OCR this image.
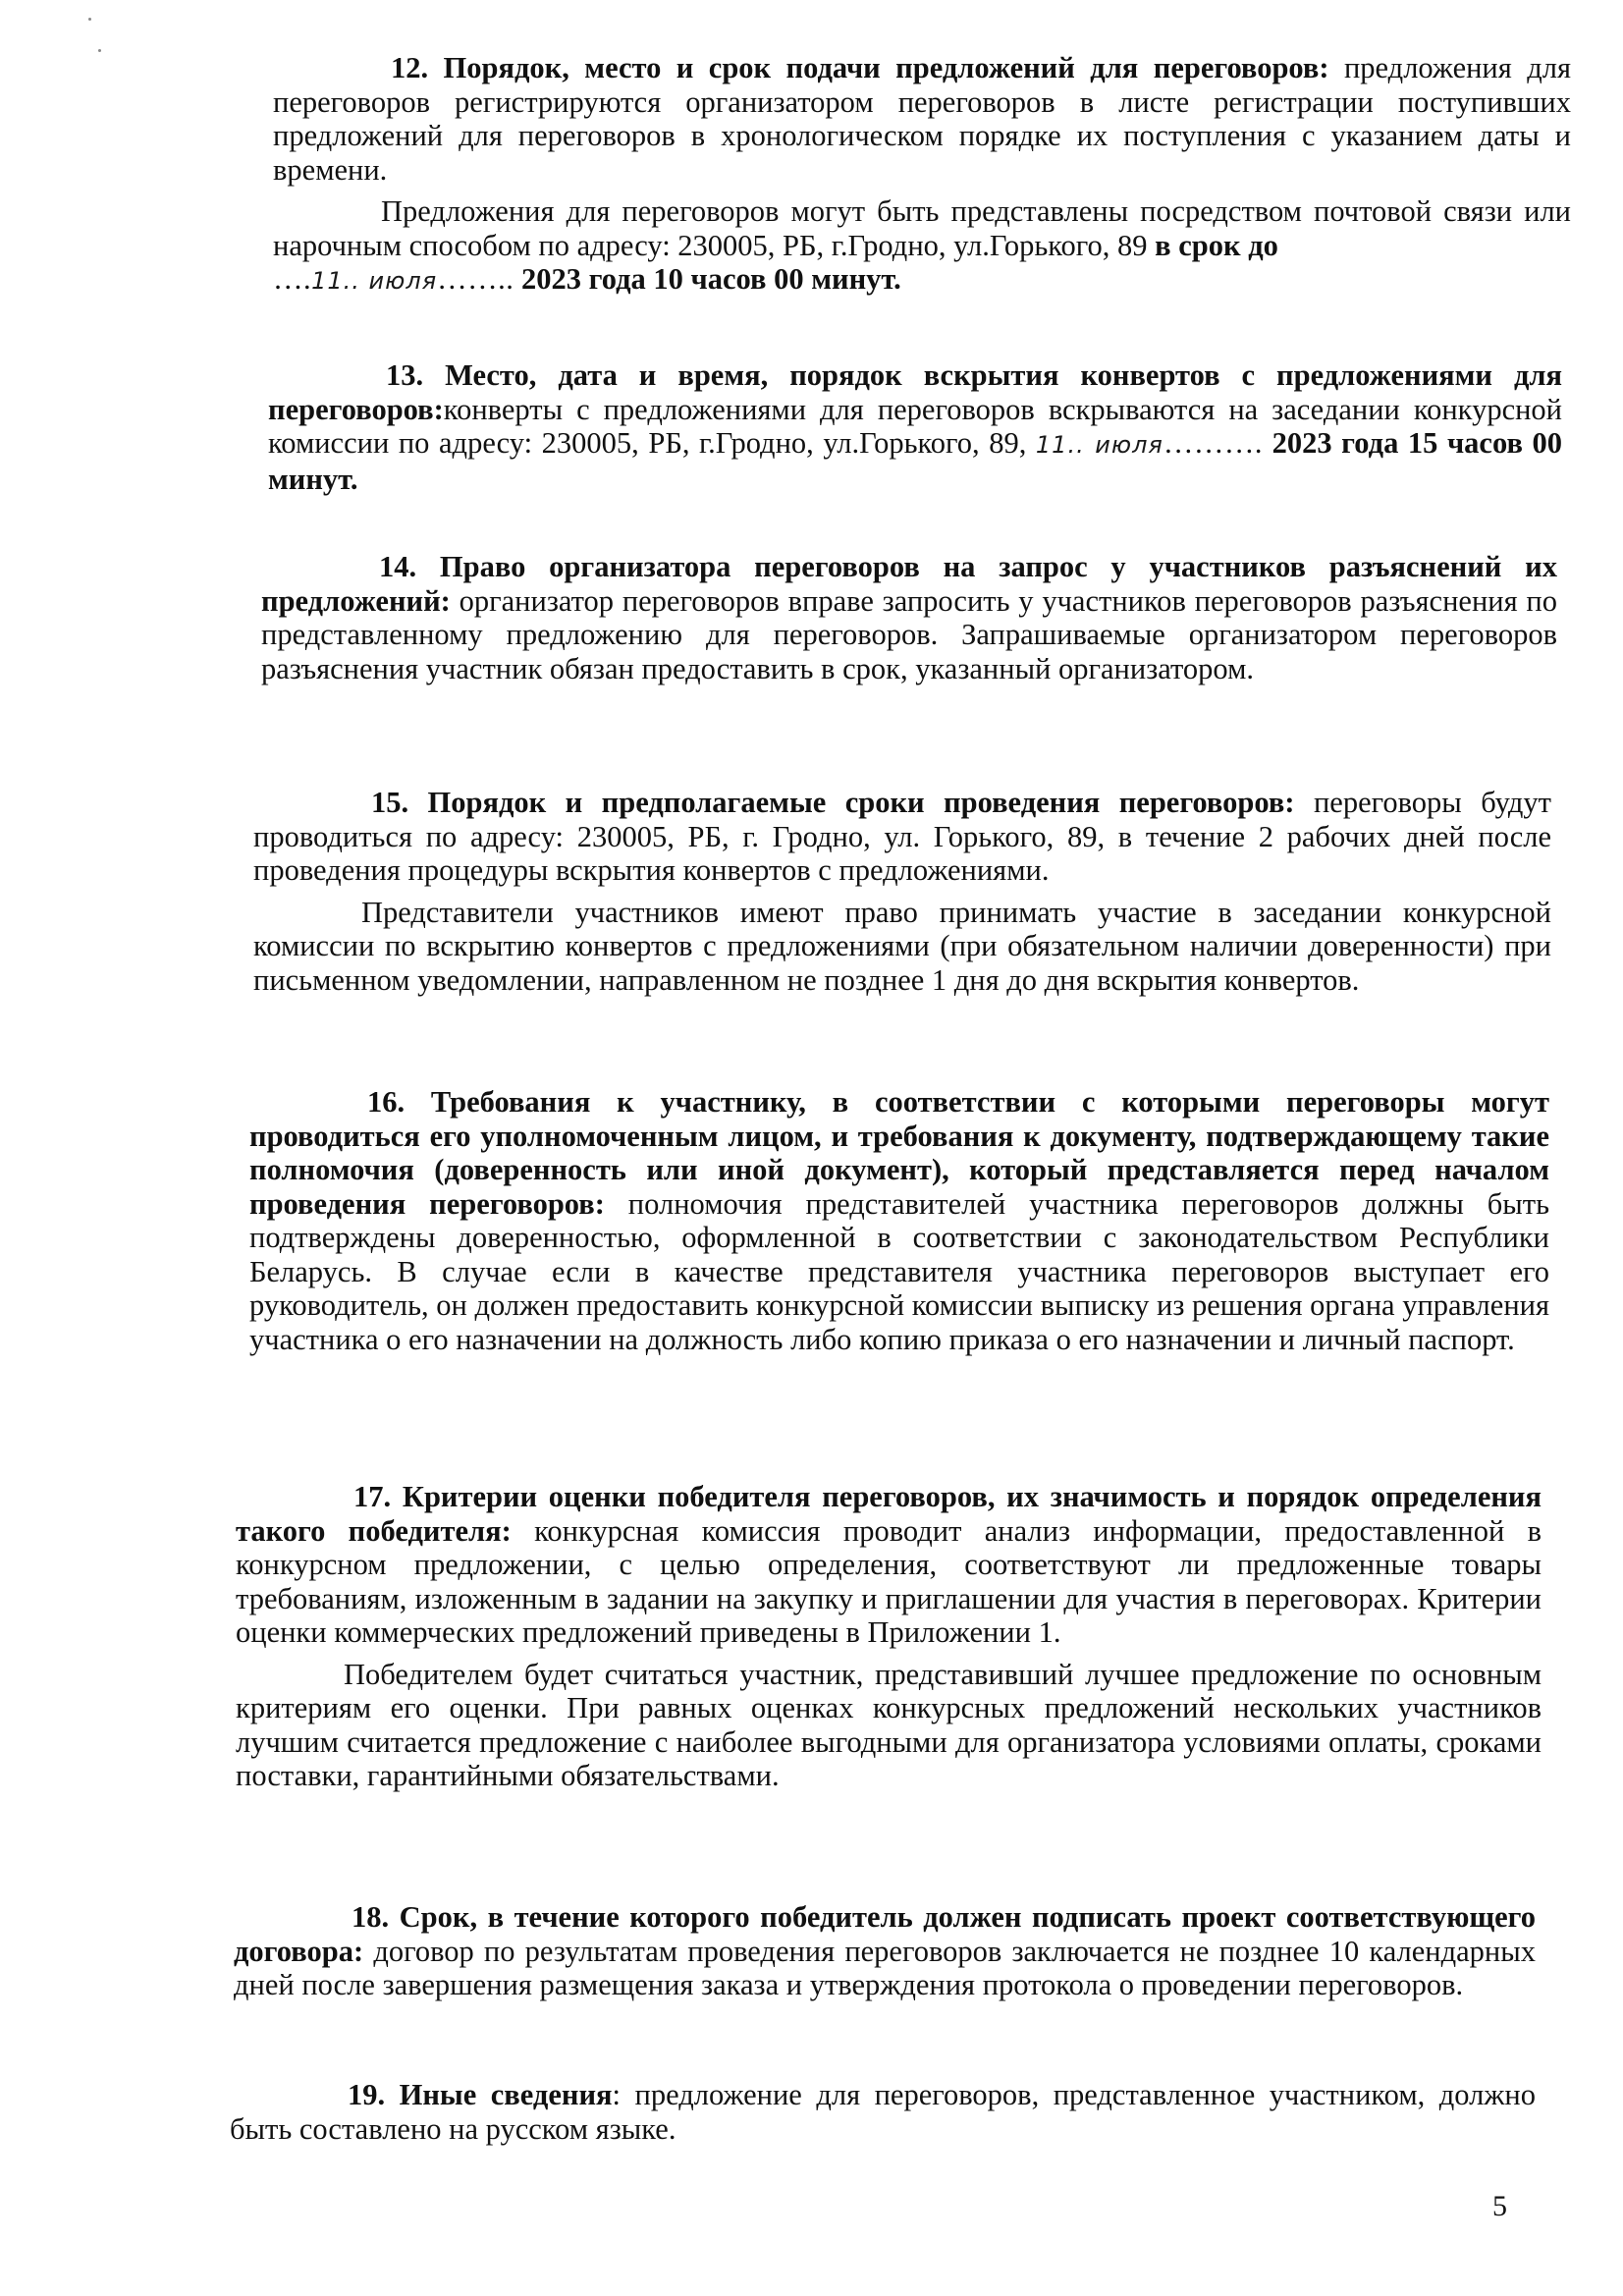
12. Порядок, место и срок подачи предложений для переговоров: предложения для переговоров регистрируются организатором переговоров в листе регистрации поступивших предложений для переговоров в хронологическом порядке их поступления с указанием даты и времени.

Предложения для переговоров могут быть представлены посредством почтовой связи или нарочным способом по адресу: 230005, РБ, г.Гродно, ул.Горького, 89 в срок до
….11.. июля…….. 2023 года 10 часов 00 минут.

13. Место, дата и время, порядок вскрытия конвертов с предложениями для переговоров:конверты с предложениями для переговоров вскрываются на заседании конкурсной комиссии по адресу: 230005, РБ, г.Гродно, ул.Горького, 89, 11.. июля………. 2023 года 15 часов 00 минут.

14. Право организатора переговоров на запрос у участников разъяснений их предложений: организатор переговоров вправе запросить у участников переговоров разъяснения по представленному предложению для переговоров. Запрашиваемые организатором переговоров разъяснения участник обязан предоставить в срок, указанный организатором.

15. Порядок и предполагаемые сроки проведения переговоров: переговоры будут проводиться по адресу: 230005, РБ, г. Гродно, ул. Горького, 89, в течение 2 рабочих дней после проведения процедуры вскрытия конвертов с предложениями.

Представители участников имеют право принимать участие в заседании конкурсной комиссии по вскрытию конвертов с предложениями (при обязательном наличии доверенности) при письменном уведомлении, направленном не позднее 1 дня до дня вскрытия конвертов.

16. Требования к участнику, в соответствии с которыми переговоры могут проводиться его уполномоченным лицом, и требования к документу, подтверждающему такие полномочия (доверенность или иной документ), который представляется перед началом проведения переговоров: полномочия представителей участника переговоров должны быть подтверждены доверенностью, оформленной в соответствии с законодательством Республики Беларусь. В случае если в качестве представителя участника переговоров выступает его руководитель, он должен предоставить конкурсной комиссии выписку из решения органа управления участника о его назначении на должность либо копию приказа о его назначении и личный паспорт.

17. Критерии оценки победителя переговоров, их значимость и порядок определения такого победителя: конкурсная комиссия проводит анализ информации, предоставленной в конкурсном предложении, с целью определения, соответствуют ли предложенные товары требованиям, изложенным в задании на закупку и приглашении для участия в переговорах. Критерии оценки коммерческих предложений приведены в Приложении 1.

Победителем будет считаться участник, представивший лучшее предложение по основным критериям его оценки. При равных оценках конкурсных предложений нескольких участников лучшим считается предложение с наиболее выгодными для организатора условиями оплаты, сроками поставки, гарантийными обязательствами.

18. Срок, в течение которого победитель должен подписать проект соответствующего договора: договор по результатам проведения переговоров заключается не позднее 10 календарных дней после завершения размещения заказа и утверждения протокола о проведении переговоров.

19. Иные сведения: предложение для переговоров, представленное участником, должно быть составлено на русском языке.

5
